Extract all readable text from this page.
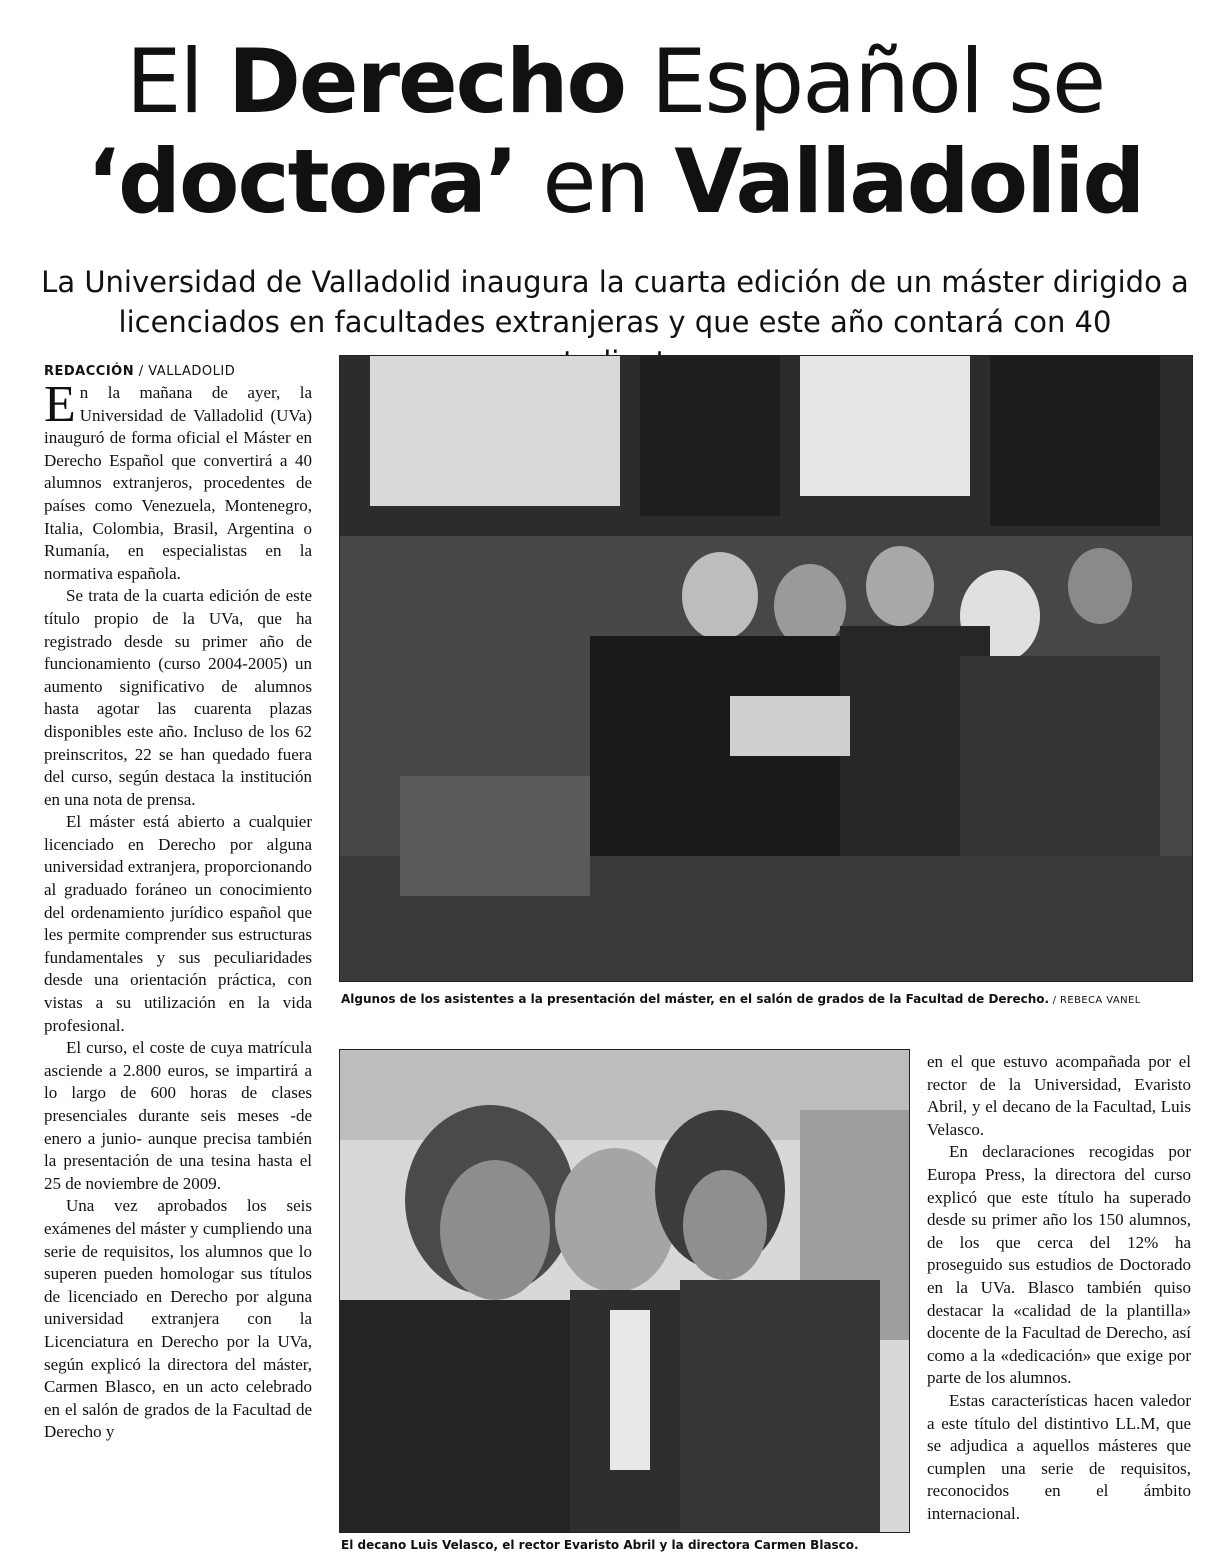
El Derecho Español se
‘doctora’ en Valladolid
La Universidad de Valladolid inaugura la cuarta edición de un máster dirigido a
licenciados en facultades extranjeras y que este año contará con 40
REDACCIÓN / VALLADOLID

En la mañana de ayer, la Universidad de Valladolid (UVa) inauguró de forma oficial el Máster en Derecho Español que convertirá a 40 alumnos extranjeros, procedentes de países como Venezuela, Montenegro, Italia, Colombia, Brasil, Argentina o Rumanía, en especialistas en la normativa española.

Se trata de la cuarta edición de este título propio de la UVa, que ha registrado desde su primer año de funcionamiento (curso 2004-2005) un aumento significativo de alumnos hasta agotar las cuarenta plazas disponibles este año. Incluso de los 62 preinscritos, 22 se han quedado fuera del curso, según destaca la institución en una nota de prensa.

El máster está abierto a cualquier licenciado en Derecho por alguna universidad extranjera, proporcionando al graduado foráneo un conocimiento del ordenamiento jurídico español que les permite comprender sus estructuras fundamentales y sus peculiaridades desde una orientación práctica, con vistas a su utilización en la vida profesional.

El curso, el coste de cuya matrícula asciende a 2.800 euros, se impartirá a lo largo de 600 horas de clases presenciales durante seis meses -de enero a junio- aunque precisa también la presentación de una tesina hasta el 25 de noviembre de 2009.

Una vez aprobados los seis exámenes del máster y cumpliendo una serie de requisitos, los alumnos que lo superen pueden homologar sus títulos de licenciado en Derecho por alguna universidad extranjera con la Licenciatura en Derecho por la UVa, según explicó la directora del máster, Carmen Blasco, en un acto celebrado en el salón de grados de la Facultad de Derecho y

Algunos de los asistentes a la presentación del máster, en el salón de grados de la Facultad de Derecho. / REBECA VANEL
El decano Luis Velasco, el rector Evaristo Abril y la directora Carmen Blasco.

en el que estuvo acompañada por el rector de la Universidad, Evaristo Abril, y el decano de la Facultad, Luis Velasco.

En declaraciones recogidas por Europa Press, la directora del curso explicó que este título ha superado desde su primer año los 150 alumnos, de los que cerca del 12% ha proseguido sus estudios de Doctorado en la UVa. Blasco también quiso destacar la «calidad de la plantilla» docente de la Facultad de Derecho, así como a la «dedicación» que exige por parte de los alumnos.

Estas características hacen valedor a este título del distintivo LL.M, que se adjudica a aquellos másteres que cumplen una serie de requisitos, reconocidos en el ámbito internacional.
